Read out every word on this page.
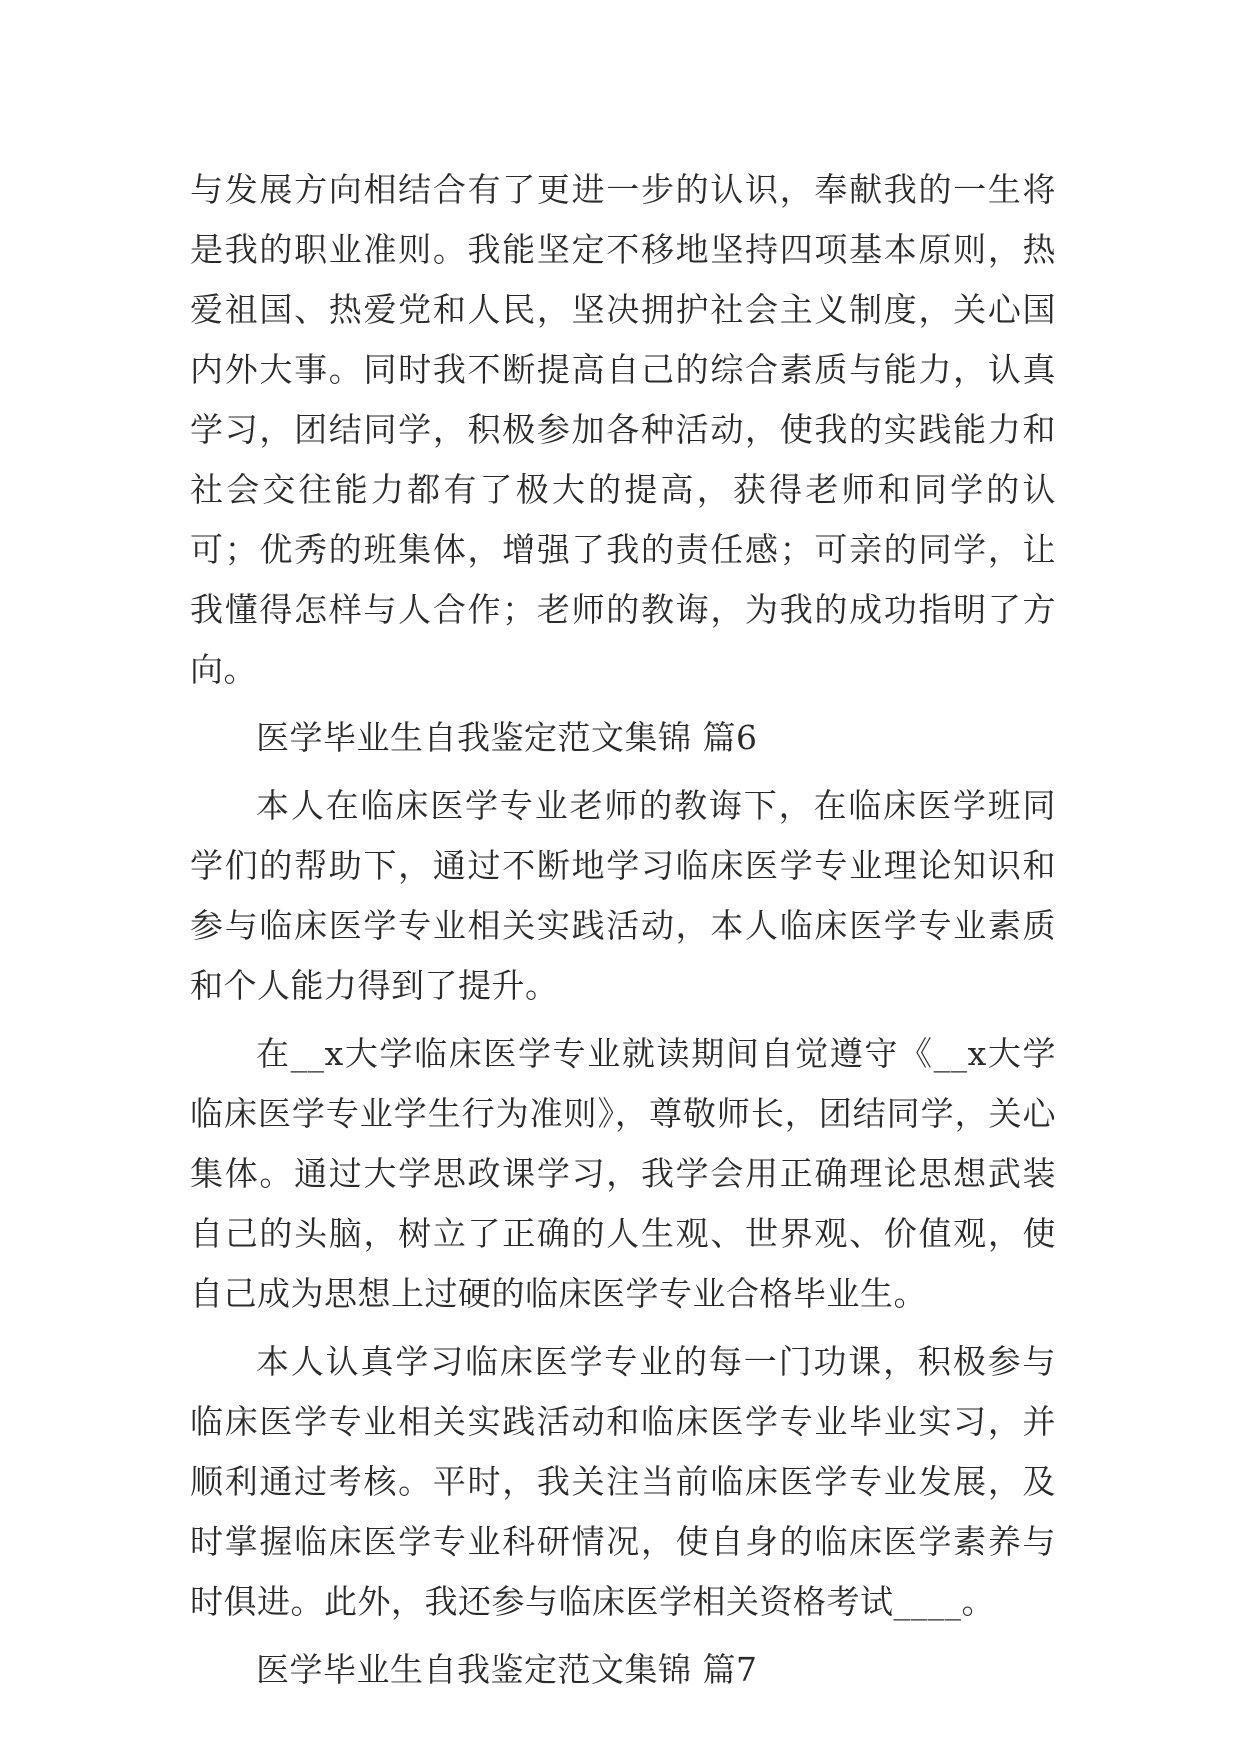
与发展方向相结合有了更进一步的认识，奉献我的一生将是我的职业准则。我能坚定不移地坚持四项基本原则，热爱祖国、热爱党和人民，坚决拥护社会主义制度，关心国内外大事。同时我不断提高自己的综合素质与能力，认真学习，团结同学，积极参加各种活动，使我的实践能力和社会交往能力都有了极大的提高，获得老师和同学的认可；优秀的班集体，增强了我的责任感；可亲的同学，让我懂得怎样与人合作；老师的教诲，为我的成功指明了方向。

医学毕业生自我鉴定范文集锦 篇6

本人在临床医学专业老师的教诲下，在临床医学班同学们的帮助下，通过不断地学习临床医学专业理论知识和参与临床医学专业相关实践活动，本人临床医学专业素质和个人能力得到了提升。

在__x大学临床医学专业就读期间自觉遵守《__x大学临床医学专业学生行为准则》，尊敬师长，团结同学，关心集体。通过大学思政课学习，我学会用正确理论思想武装自己的头脑，树立了正确的人生观、世界观、价值观，使自己成为思想上过硬的临床医学专业合格毕业生。

本人认真学习临床医学专业的每一门功课，积极参与临床医学专业相关实践活动和临床医学专业毕业实习，并顺利通过考核。平时，我关注当前临床医学专业发展，及时掌握临床医学专业科研情况，使自身的临床医学素养与时俱进。此外，我还参与临床医学相关资格考试____。

医学毕业生自我鉴定范文集锦 篇7
